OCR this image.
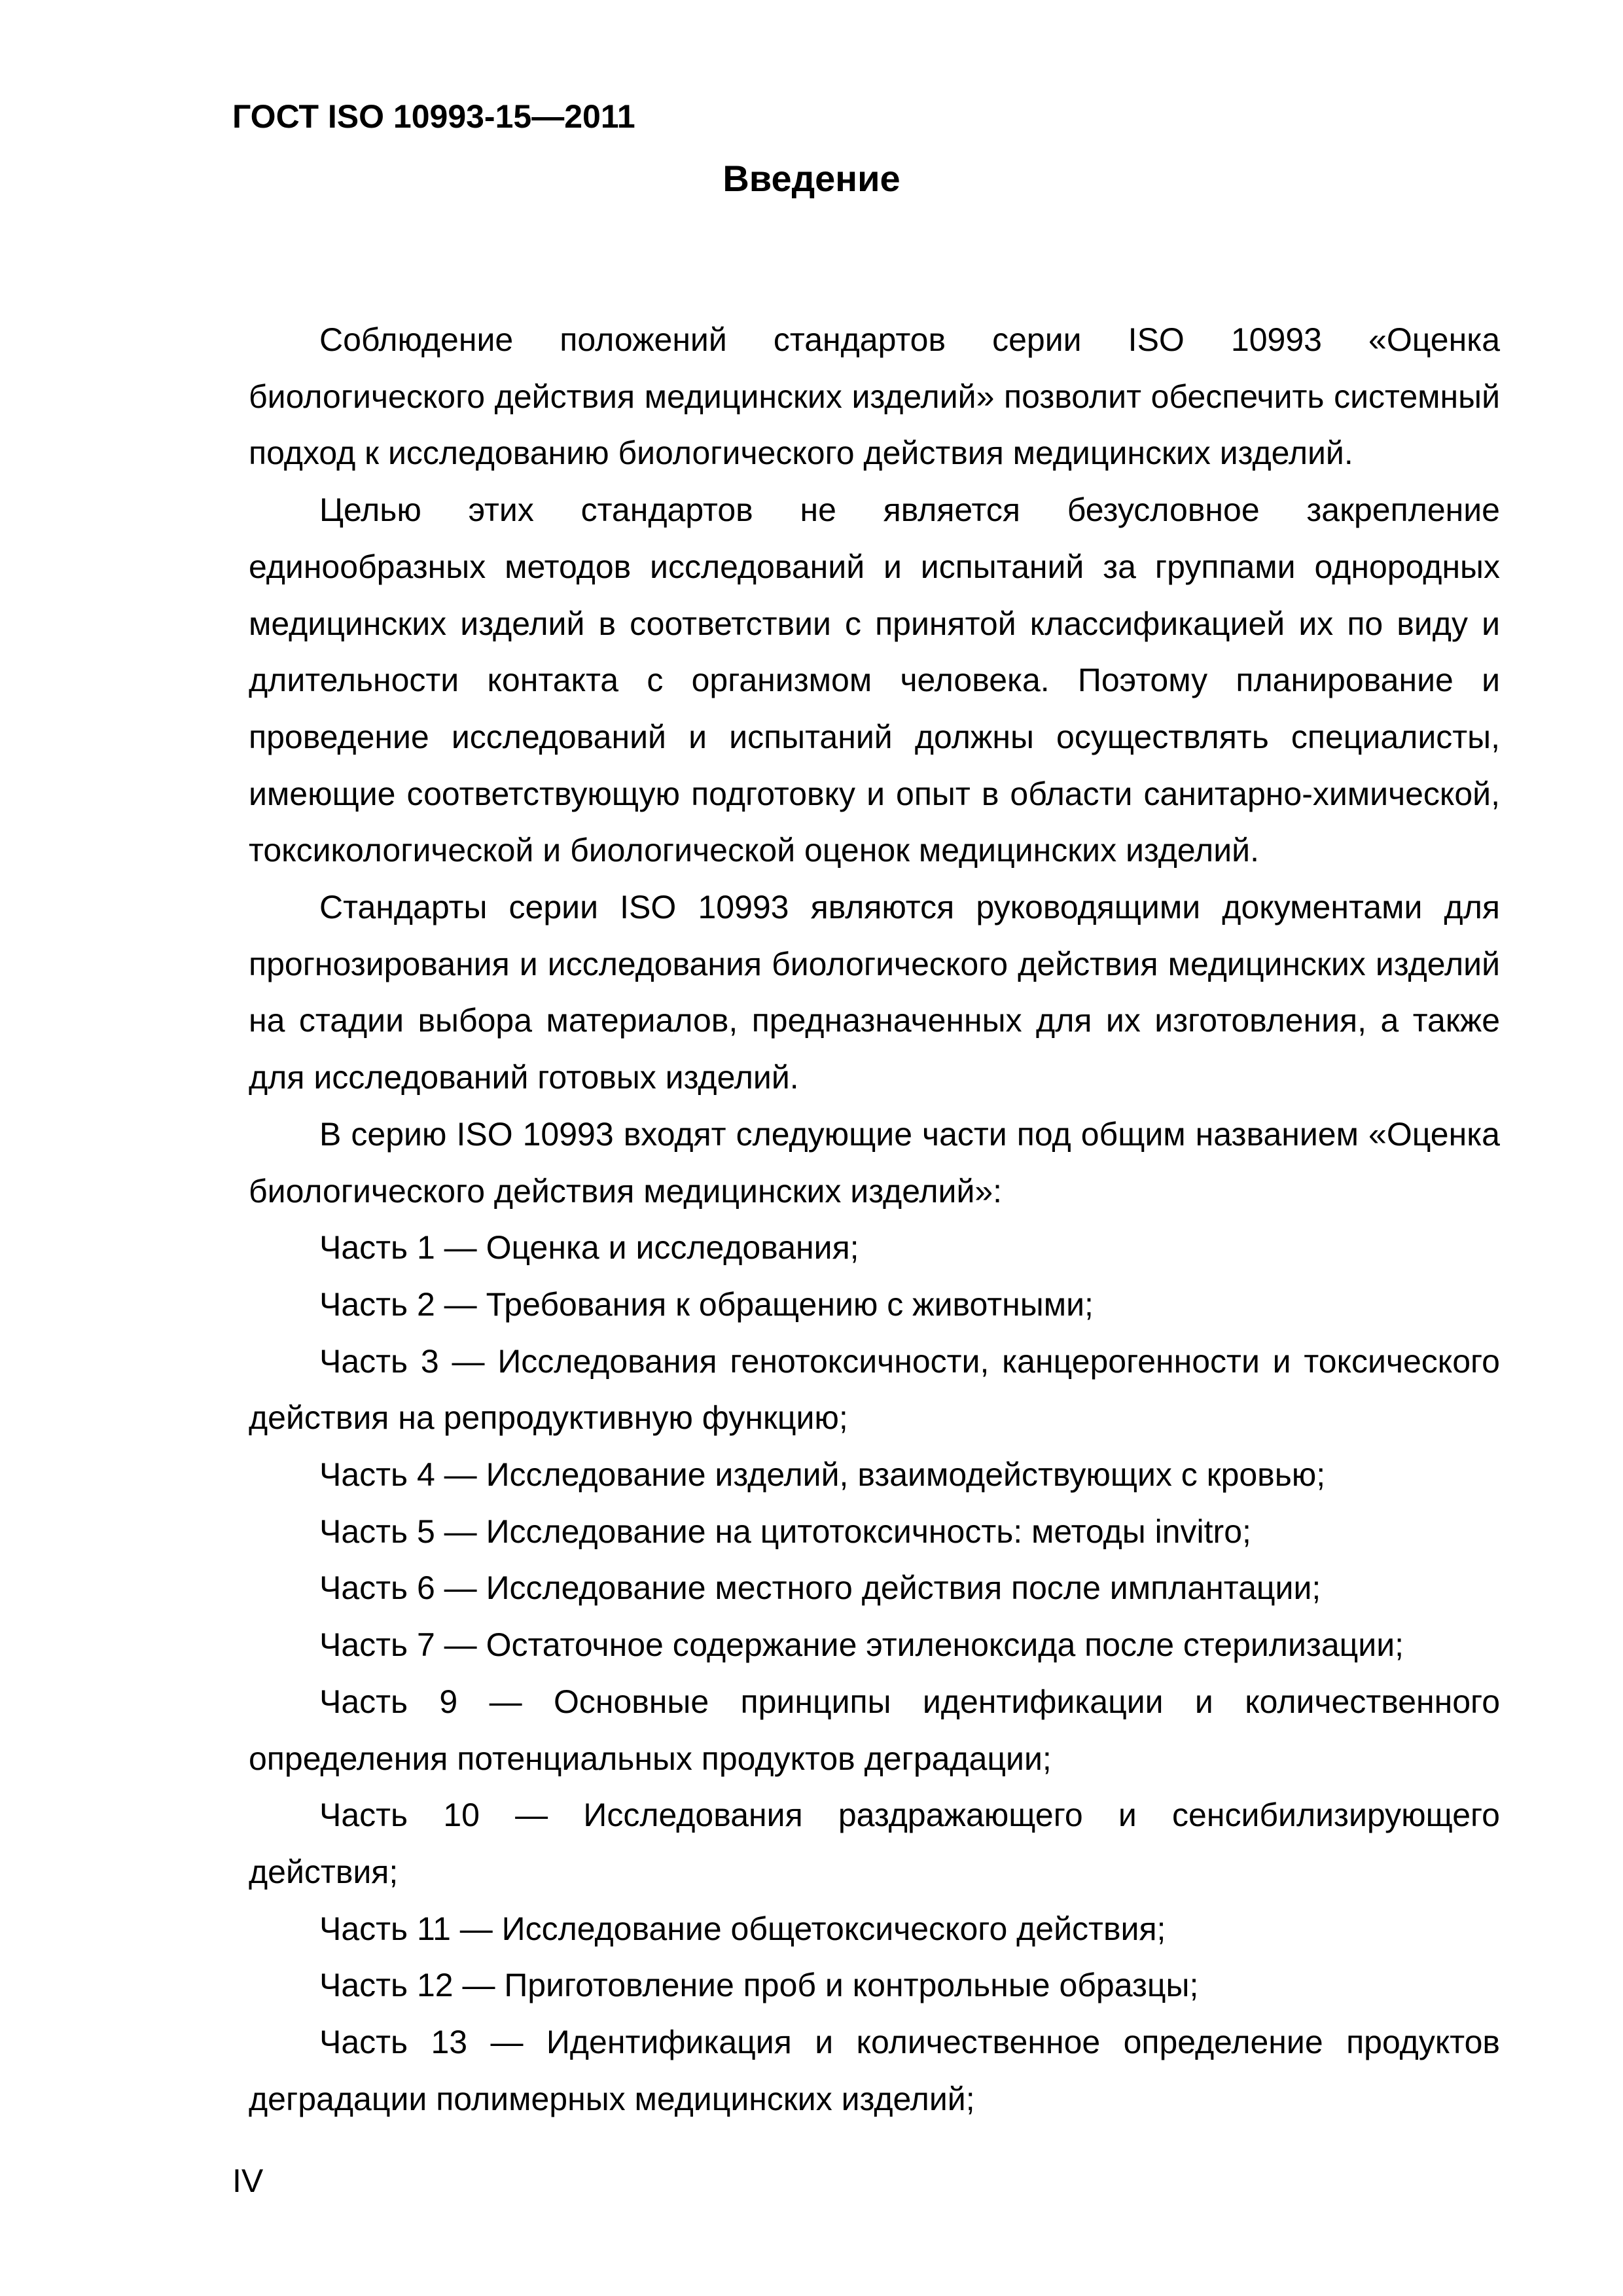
ГОСТ ISO 10993-15—2011
Введение

Соблюдение положений стандартов серии ISO 10993 «Оценка биологического действия медицинских изделий» позволит обеспечить системный подход к исследованию биологического действия медицинских изделий.

Целью этих стандартов не является безусловное закрепление единообразных методов исследований и испытаний за группами однородных медицинских изделий в соответствии с принятой классификацией их по виду и длительности контакта с организмом человека. Поэтому планирование и проведение исследований и испытаний должны осуществлять специалисты, имеющие соответствующую подготовку и опыт в области санитарно-химической, токсикологической и биологической оценок медицинских изделий.

Стандарты серии ISO 10993 являются руководящими документами для прогнозирования и исследования биологического действия медицинских изделий на стадии выбора материалов, предназначенных для их изготовления, а также для исследований готовых изделий.

В серию ISO 10993 входят следующие части под общим названием «Оценка биологического действия медицинских изделий»:

Часть 1 — Оценка и исследования;

Часть 2 — Требования к обращению с животными;

Часть 3 — Исследования генотоксичности, канцерогенности и токсического действия на репродуктивную функцию;

Часть 4 — Исследование изделий, взаимодействующих с кровью;

Часть 5 — Исследование на цитотоксичность: методы invitro;

Часть 6 — Исследование местного действия после имплантации;

Часть 7 — Остаточное содержание этиленоксида после стерилизации;

Часть 9 — Основные принципы идентификации и количественного определения потенциальных продуктов деградации;

Часть 10 — Исследования раздражающего и сенсибилизирующего действия;

Часть 11 — Исследование общетоксического действия;

Часть 12 — Приготовление проб и контрольные образцы;

Часть 13 — Идентификация и количественное определение продуктов деградации полимерных медицинских изделий;

IV
